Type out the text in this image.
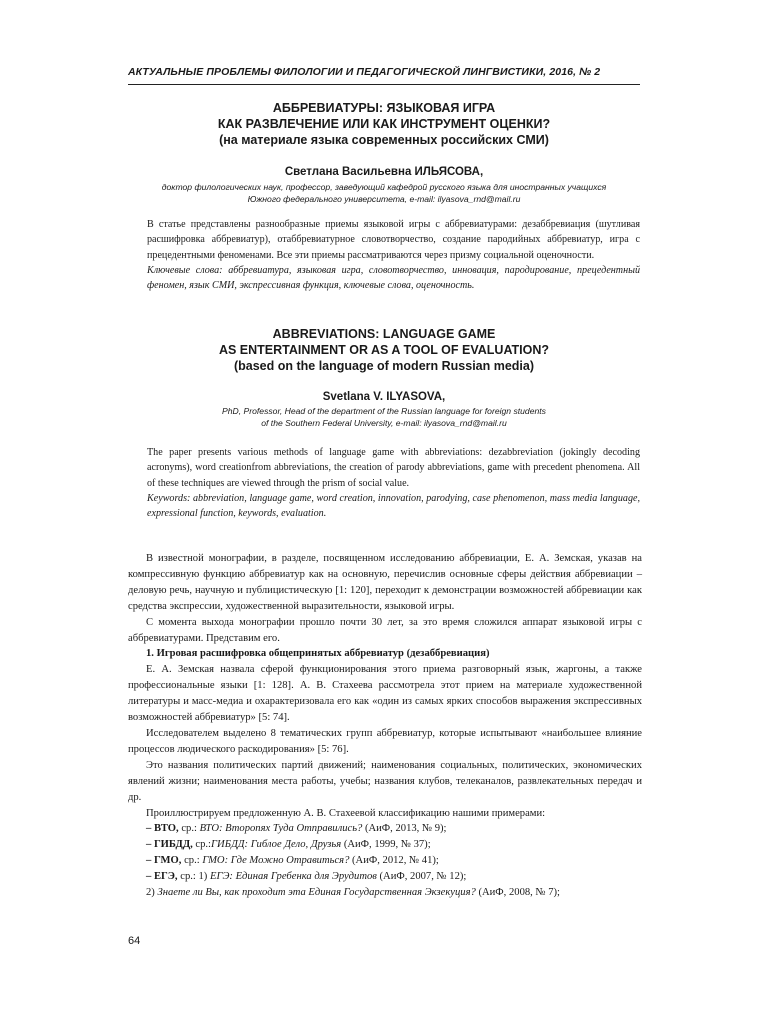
АКТУАЛЬНЫЕ ПРОБЛЕМЫ ФИЛОЛОГИИ И ПЕДАГОГИЧЕСКОЙ ЛИНГВИСТИКИ, 2016, № 2
АББРЕВИАТУРЫ: ЯЗЫКОВАЯ ИГРА
КАК РАЗВЛЕЧЕНИЕ ИЛИ КАК ИНСТРУМЕНТ ОЦЕНКИ?
(на материале языка современных российских СМИ)
Светлана Васильевна ИЛЬЯСОВА,
доктор филологических наук, профессор, заведующий кафедрой русского языка для иностранных учащихся
Южного федерального университета, e-mail: ilyasova_rnd@mail.ru

В статье представлены разнообразные приемы языковой игры с аббревиатурами: дезаббревиация (шутливая расшифровка аббревиатур), отаббревиатурное словотворчество, создание пародийных аббревиатур, игра с прецедентными феноменами. Все эти приемы рассматриваются через призму социальной оценочности.

Ключевые слова: аббревиатура, языковая игра, словотворчество, инновация, пародирование, прецедентный феномен, язык СМИ, экспрессивная функция, ключевые слова, оценочность.

ABBREVIATIONS: LANGUAGE GAME
AS ENTERTAINMENT OR AS A TOOL OF EVALUATION?
(based on the language of modern Russian media)
Svetlana V. ILYASOVA,
PhD, Professor, Head of the department of the Russian language for foreign students
of the Southern Federal University, e-mail: ilyasova_rnd@mail.ru

The paper presents various methods of language game with abbreviations: dezabbreviation (jokingly decoding acronyms), word creationfrom abbreviations, the creation of parody abbreviations, game with precedent phenomena. All of these techniques are viewed through the prism of social value.

Keywords: abbreviation, language game, word creation, innovation, parodying, case phenomenon, mass media language, expressional function, keywords, evaluation.

В известной монографии, в разделе, посвященном исследованию аббревиации, Е. А. Земская, указав на компрессивную функцию аббревиатур как на основную, перечислив основные сферы действия аббревиации – деловую речь, научную и публицистическую [1: 120], переходит к демонстрации возможностей аббревиации как средства экспрессии, художественной выразительности, языковой игры.

С момента выхода монографии прошло почти 30 лет, за это время сложился аппарат языковой игры с аббревиатурами. Представим его.

1. Игровая расшифровка общепринятых аббревиатур (дезаббревиация)

Е. А. Земская назвала сферой функционирования этого приема разговорный язык, жаргоны, а также профессиональные языки [1: 128]. А. В. Стахеева рассмотрела этот прием на материале художественной литературы и масс-медиа и охарактеризовала его как «один из самых ярких способов выражения экспрессивных возможностей аббревиатур» [5: 74].

Исследователем выделено 8 тематических групп аббревиатур, которые испытывают «наибольшее влияние процессов людического раскодирования» [5: 76].

Это названия политических партий движений; наименования социальных, политических, экономических явлений жизни; наименования места работы, учебы; названия клубов, телеканалов, развлекательных передач и др.

Проиллюстрируем предложенную А. В. Стахеевой классификацию нашими примерами:

– ВТО, ср.: ВТО: Второпях Туда Отправились? (АиФ, 2013, № 9);

– ГИБДД, ср.:ГИБДД: Гиблое Дело, Друзья (АиФ, 1999, № 37);

– ГМО, ср.: ГМО: Где Можно Отравиться? (АиФ, 2012, № 41);

– ЕГЭ, ср.: 1) ЕГЭ: Единая Гребенка для Эрудитов (АиФ, 2007, № 12);

2) Знаете ли Вы, как проходит эта Единая Государственная Экзекуция? (АиФ, 2008, № 7);

64
